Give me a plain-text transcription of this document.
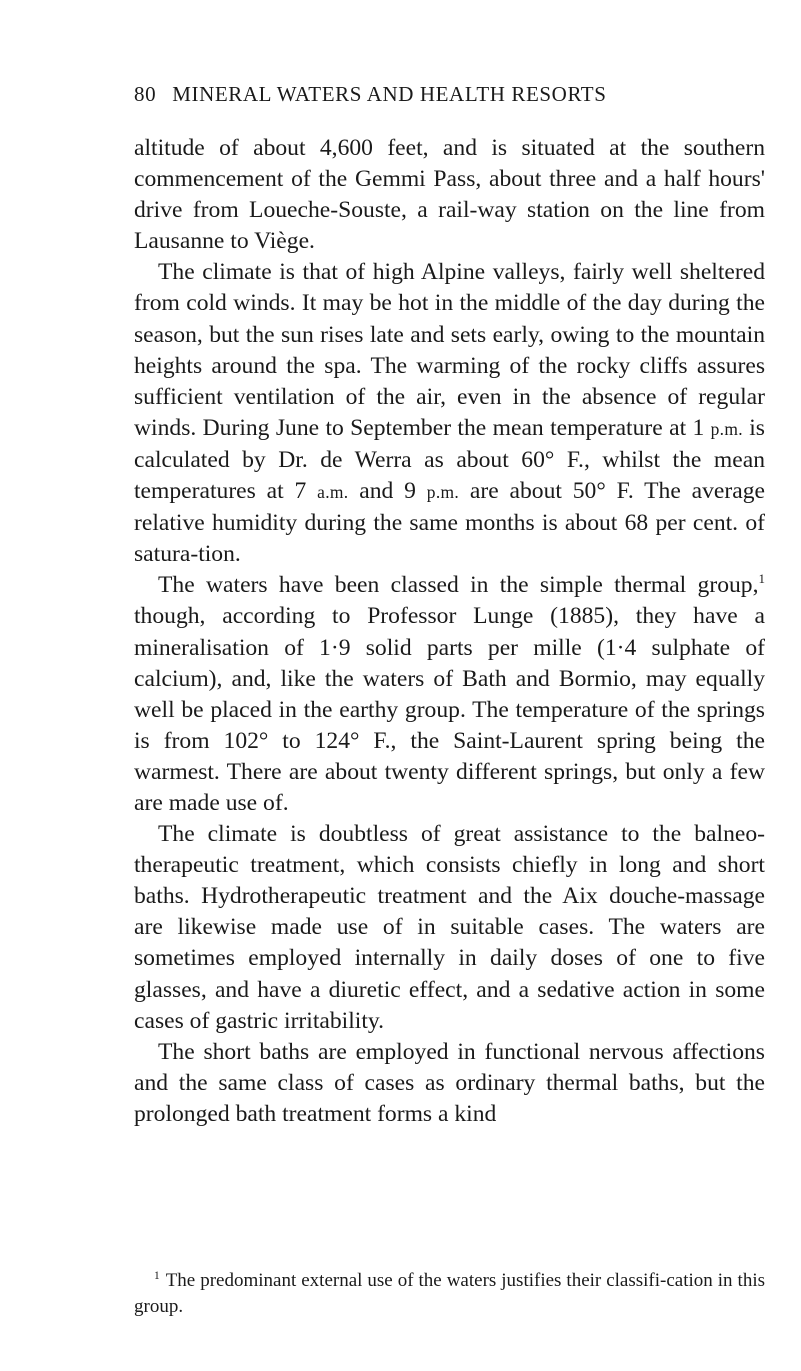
80 MINERAL WATERS AND HEALTH RESORTS

altitude of about 4,600 feet, and is situated at the southern commencement of the Gemmi Pass, about three and a half hours' drive from Loueche-Souste, a rail-way station on the line from Lausanne to Viège.

The climate is that of high Alpine valleys, fairly well sheltered from cold winds. It may be hot in the middle of the day during the season, but the sun rises late and sets early, owing to the mountain heights around the spa. The warming of the rocky cliffs assures sufficient ventilation of the air, even in the absence of regular winds. During June to September the mean temperature at 1 p.m. is calculated by Dr. de Werra as about 60° F., whilst the mean temperatures at 7 a.m. and 9 p.m. are about 50° F. The average relative humidity during the same months is about 68 per cent. of satura-tion.

The waters have been classed in the simple thermal group,$^1$ though, according to Professor Lunge (1885), they have a mineralisation of 1·9 solid parts per mille (1·4 sulphate of calcium), and, like the waters of Bath and Bormio, may equally well be placed in the earthy group. The temperature of the springs is from 102° to 124° F., the Saint-Laurent spring being the warmest. There are about twenty different springs, but only a few are made use of.

The climate is doubtless of great assistance to the balneo-therapeutic treatment, which consists chiefly in long and short baths. Hydrotherapeutic treatment and the Aix douche-massage are likewise made use of in suitable cases. The waters are sometimes employed internally in daily doses of one to five glasses, and have a diuretic effect, and a sedative action in some cases of gastric irritability.

The short baths are employed in functional nervous affections and the same class of cases as ordinary thermal baths, but the prolonged bath treatment forms a kind

$^1$ The predominant external use of the waters justifies their classifi-cation in this group.
